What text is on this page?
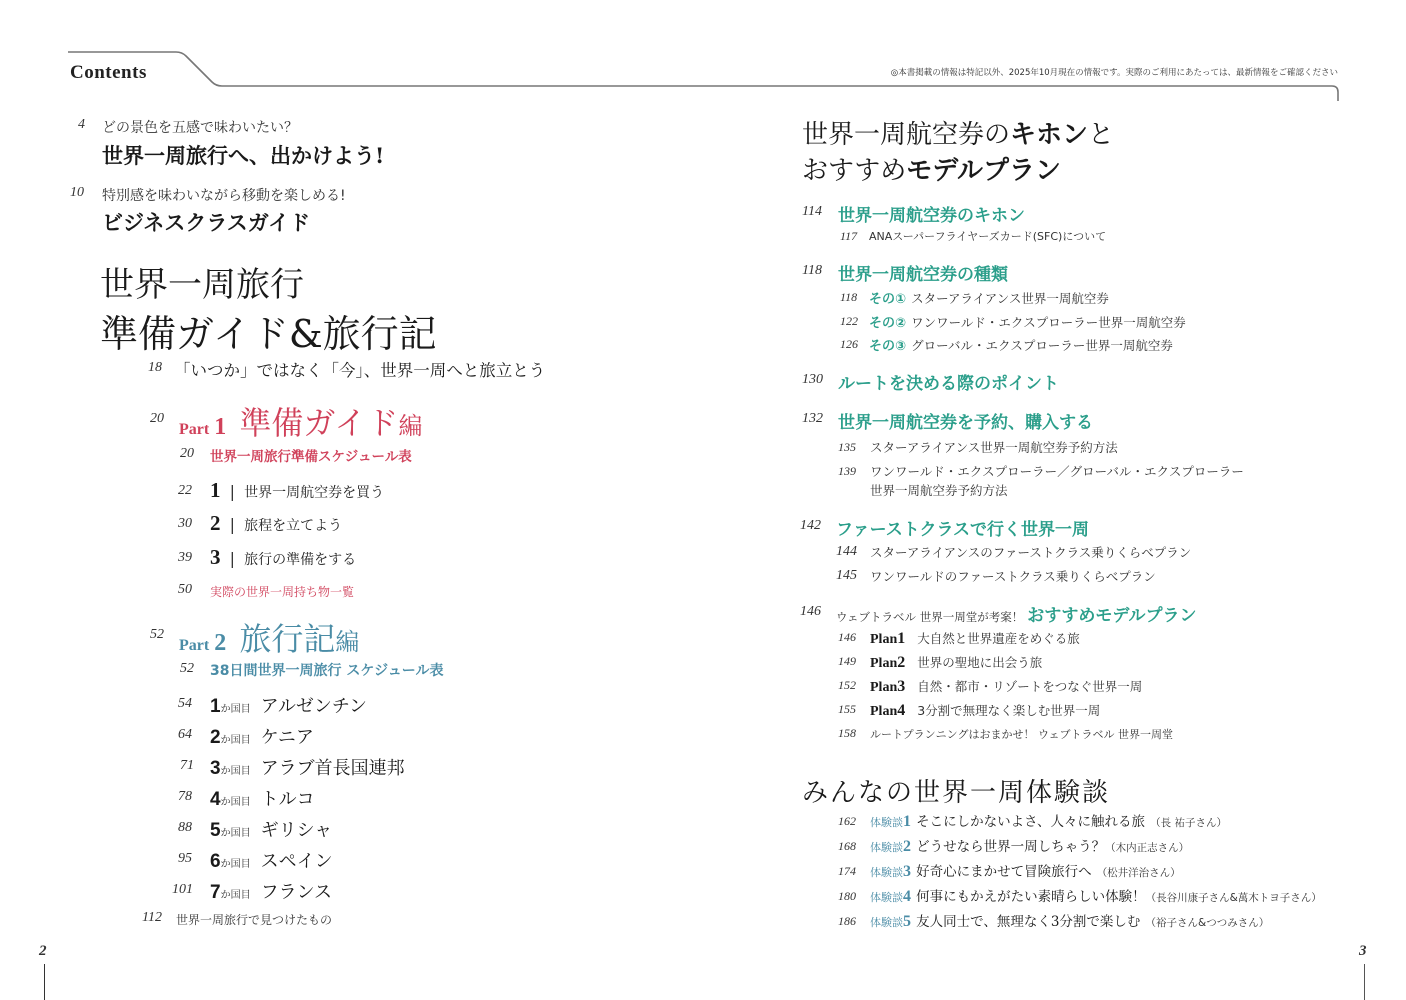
Contents	◎本書掲載の情報は特記以外、2025年10月現在の情報です。実際のご利用にあたっては、最新情報をご確認ください
4 どの景色を五感で味わいたい？
世界一周旅行へ、出かけよう!
10 特別感を味わいながら移動を楽しめる!
ビジネスクラスガイド
世界一周旅行
準備ガイド&旅行記
18 「いつか」ではなく「今」、世界一周へと旅立とう
20
Part 1 準備ガイド編
20 世界一周旅行準備スケジュール表
22 1 | 世界一周航空券を買う
30 2 | 旅程を立てよう
39 3 | 旅行の準備をする
50 実際の世界一周持ち物一覧
52
Part 2 旅行記編
52 38日間世界一周旅行 スケジュール表
54 1か国目 アルゼンチン
64 2か国目 ケニア
71 3か国目 アラブ首長国連邦
78 4か国目 トルコ
88 5か国目 ギリシャ
95 6か国目 スペイン
101 7か国目 フランス
112 世界一周旅行で見つけたもの
2
世界一周航空券のキホンと
おすすめモデルプラン
114 世界一周航空券のキホン
117 ANAスーパーフライヤーズカード(SFC)について
118 世界一周航空券の種類
118 その① スターアライアンス世界一周航空券
122 その② ワンワールド・エクスプローラー世界一周航空券
126 その③ グローバル・エクスプローラー世界一周航空券
130 ルートを決める際のポイント
132 世界一周航空券を予約、購入する
135 スターアライアンス世界一周航空券予約方法
139 ワンワールド・エクスプローラー／グローバル・エクスプローラー
世界一周航空券予約方法
142 ファーストクラスで行く世界一周
144 スターアライアンスのファーストクラス乗りくらべプラン
145 ワンワールドのファーストクラス乗りくらべプラン
146 ウェブトラベル 世界一周堂が考案！ おすすめモデルプラン
146 Plan1 大自然と世界遺産をめぐる旅
149 Plan2 世界の聖地に出会う旅
152 Plan3 自然・都市・リゾートをつなぐ世界一周
155 Plan4 3分割で無理なく楽しむ世界一周
158 ルートプランニングはおまかせ！ ウェブトラベル 世界一周堂
みんなの世界一周体験談
162 体験談1 そこにしかないよさ、人々に触れる旅 （長 祐子さん）
168 体験談2 どうせなら世界一周しちゃう？（木内正志さん）
174 体験談3 好奇心にまかせて冒険旅行へ （松井洋治さん）
180 体験談4 何事にもかえがたい素晴らしい体験！（長谷川康子さん&萬木トヨ子さん）
186 体験談5 友人同士で、無理なく3分割で楽しむ （裕子さん&つつみさん）
3
